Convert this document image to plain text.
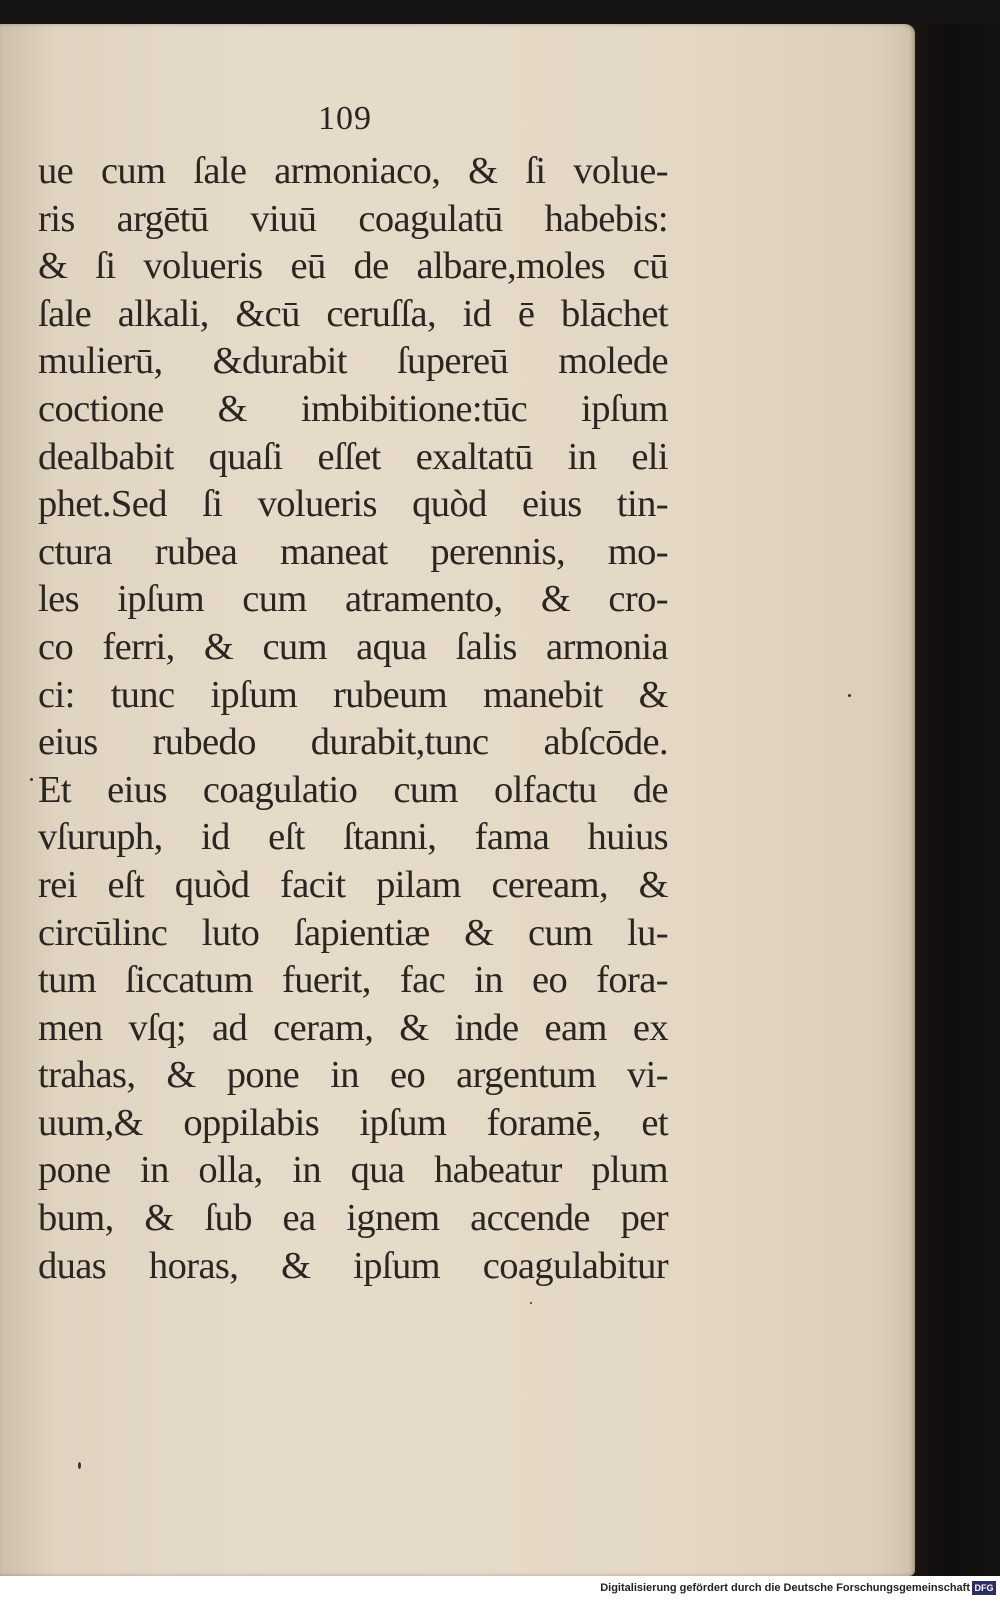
109
ue cum ſale armoniaco, & ſi volue-
ris argētū viuū coagulatū habebis:
& ſi volueris eū de albare,moles cū
ſale alkali, &cū ceruſſa, id ē blāchet
mulierū, &durabit ſupereū molede
coctione & imbibitione:tūc ipſum
dealbabit quaſi eſſet exaltatū in eli
phet.Sed ſi volueris quòd eius tin-
ctura rubea maneat perennis, mo-
les ipſum cum atramento, & cro-
co ferri, & cum aqua ſalis armonia
ci: tunc ipſum rubeum manebit &
eius rubedo durabit,tunc abſcōde.
Et eius coagulatio cum olfactu de
vſuruph, id eſt ſtanni, fama huius
rei eſt quòd facit pilam ceream, &
circūlinc luto ſapientiæ & cum lu-
tum ſiccatum fuerit, fac in eo fora-
men vſq; ad ceram, & inde eam ex
trahas, & pone in eo argentum vi-
uum,& oppilabis ipſum foramē, et
pone in olla, in qua habeatur plum
bum, & ſub ea ignem accende per
duas horas, & ipſum coagulabitur
Digitalisierung gefördert durch die Deutsche Forschungsgemeinschaft DFG
